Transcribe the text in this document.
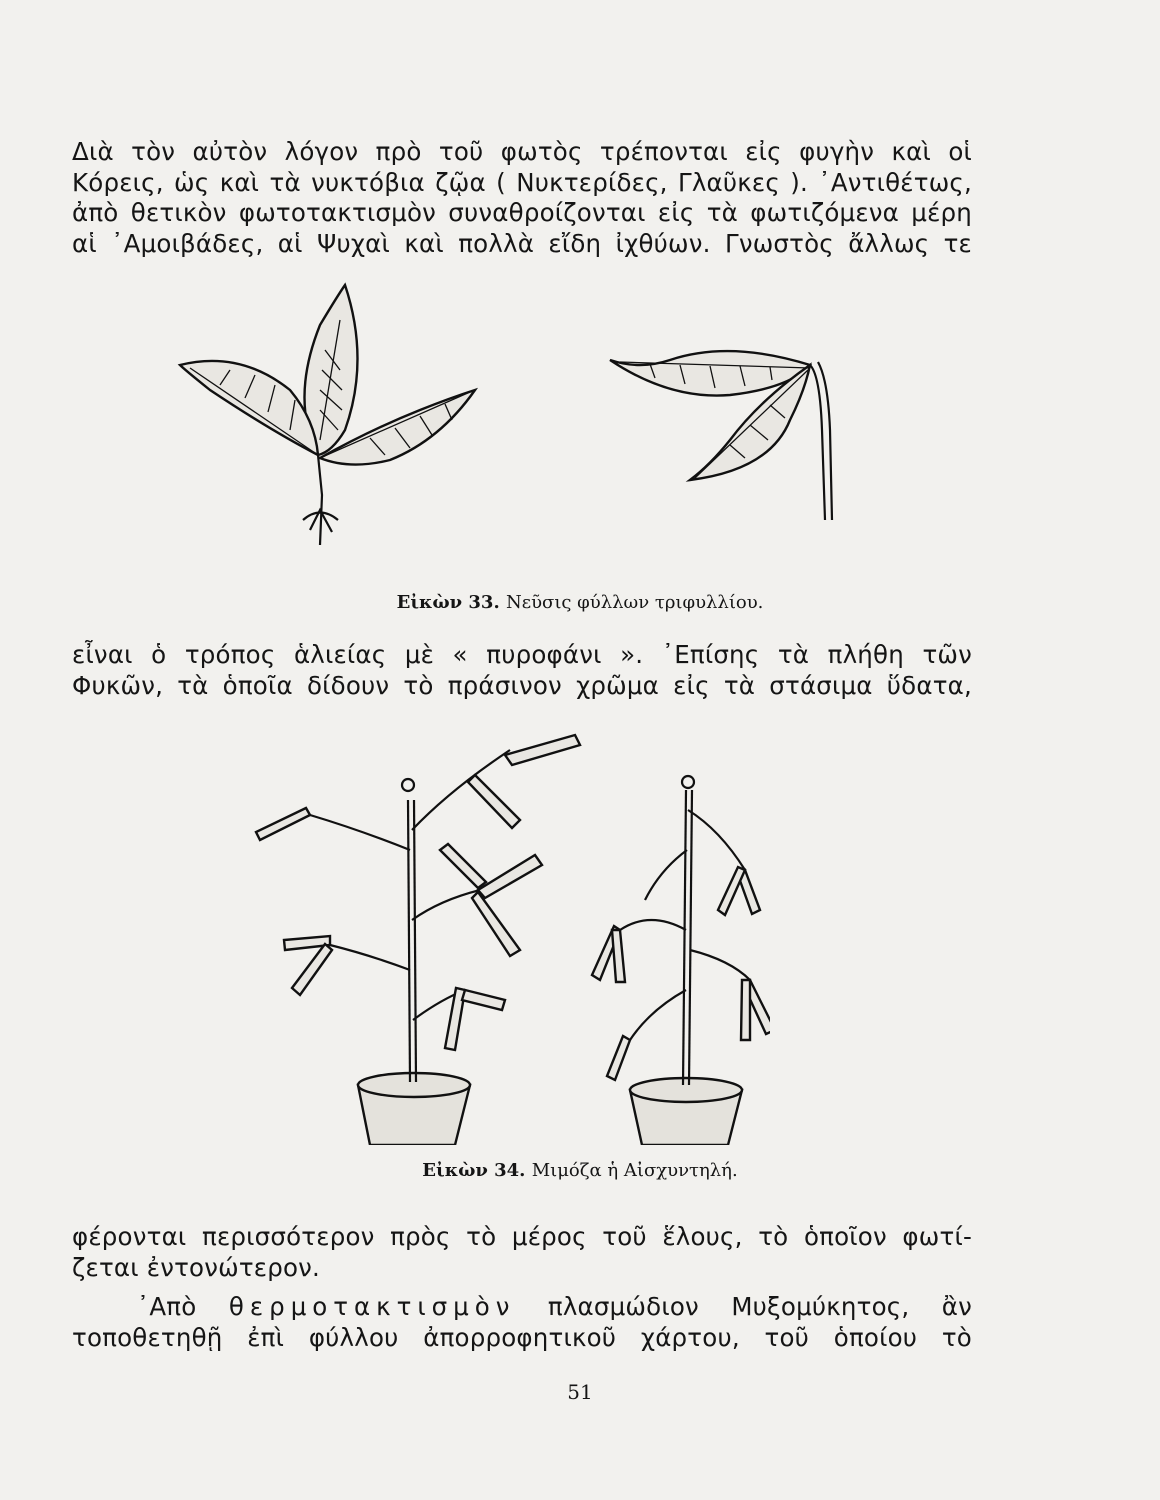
Διὰ τὸν αὐτὸν λόγον πρὸ τοῦ φωτὸς τρέπονται εἰς φυγὴν καὶ οἱ
Κόρεις, ὡς καὶ τὰ νυκτόβια ζῷα ( Νυκτερίδες, Γλαῦκες ). ᾿Αντιθέτως,
ἀπὸ θετικὸν φωτοτακτισμὸν συναθροίζονται εἰς τὰ φωτιζόμενα μέρη
αἱ ᾿Αμοιβάδες, αἱ Ψυχαὶ καὶ πολλὰ εἴδη ἰχθύων. Γνωστὸς ἄλλως τε
Εἰκὼν 33. Νεῦσις φύλλων τριφυλλίου.
εἶναι ὁ τρόπος ἁλιείας μὲ « πυροφάνι ». ᾿Επίσης τὰ πλήθη τῶν
Φυκῶν, τὰ ὁποῖα δίδουν τὸ πράσινον χρῶμα εἰς τὰ στάσιμα ὕδατα,
Εἰκὼν 34. Μιμόζα ἡ Αἰσχυντηλή.
φέρονται περισσότερον πρὸς τὸ μέρος τοῦ ἕλους, τὸ ὁποῖον φωτί-
ζεται ἐντονώτερον.
᾿Απὸ θερμοτακτισμὸν πλασμώδιον Μυξομύκητος, ἂν
τοποθετηθῇ ἐπὶ φύλλου ἀπορροφητικοῦ χάρτου, τοῦ ὁποίου τὸ
51
